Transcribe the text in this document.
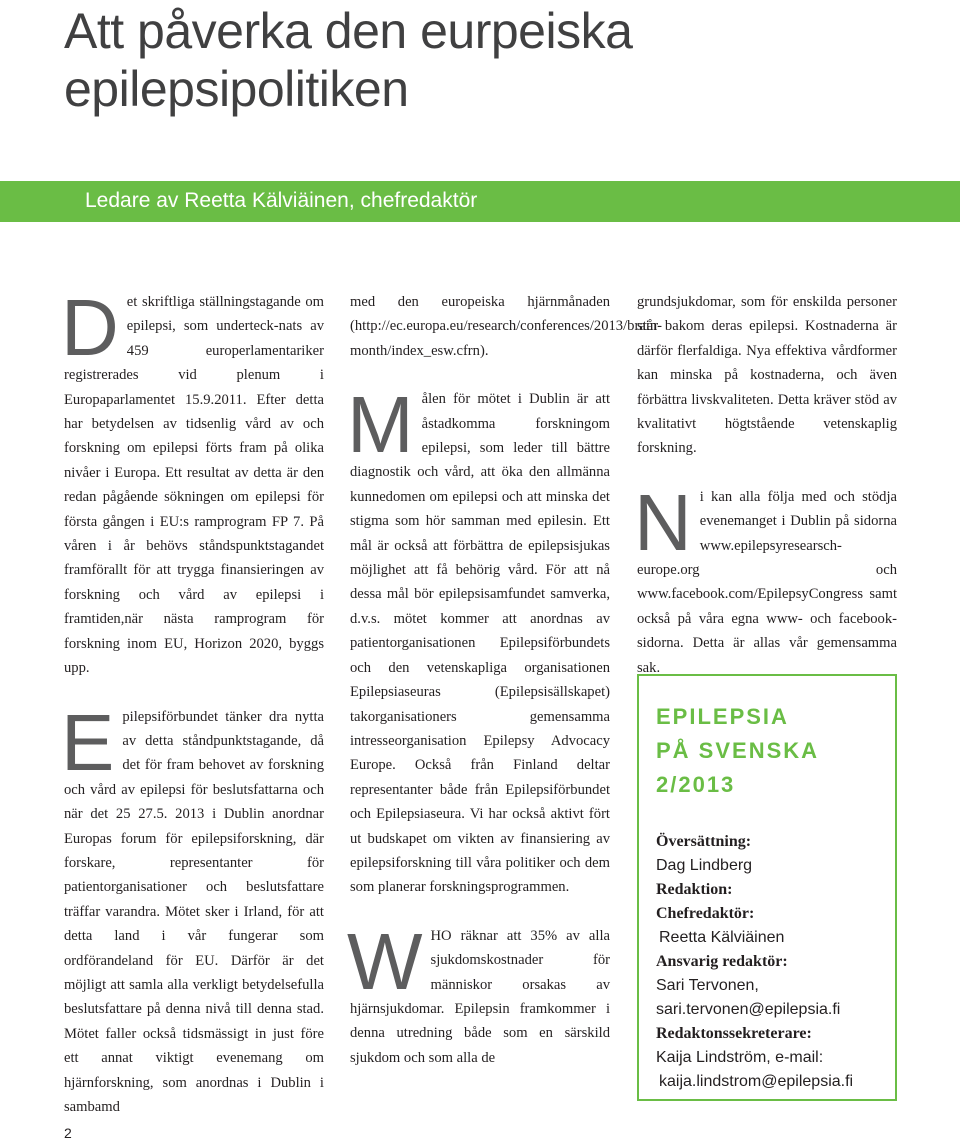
Att påverka den eurpeiska
epilepsipolitiken

Ledare av Reetta Kälviäinen, chefredaktör

Det skriftliga ställningstagande om epilepsi, som underteck-nats av 459 europerlamentariker registrerades vid plenum i Europaparlamentet 15.9.2011. Efter detta har betydelsen av tidsenlig vård av och forskning om epilepsi förts fram på olika nivåer i Europa. Ett resultat av detta är den redan pågående sökningen om epilepsi för första gången i EU:s ramprogram FP 7. På våren i år behövs ståndspunktstagandet framförallt för att trygga finansieringen av forskning och vård av epilepsi i framtiden,när nästa ramprogram för forskning inom EU, Horizon 2020, byggs upp.

Epilepsiförbundet tänker dra nytta av detta ståndpunktstagande, då det för fram behovet av forskning och vård av epilepsi för beslutsfattarna och när det 25 27.5. 2013 i Dublin anordnar Europas forum för epilepsiforskning, där forskare, representanter för patientorganisationer och beslutsfattare träffar varandra. Mötet sker i Irland, för att detta land i vår fungerar som ordförandeland för EU. Därför är det möjligt att samla alla verkligt betydelsefulla beslutsfattare på denna nivå till denna stad. Mötet faller också tidsmässigt in just före ett annat viktigt evenemang om hjärnforskning, som anordnas i Dublin i sambamd

med den europeiska hjärnmånaden (http://ec.europa.eu/research/conferences/2013/brain-month/index_esw.cfrn).

Målen för mötet i Dublin är att åstadkomma forskningom epilepsi, som leder till bättre diagnostik och vård, att öka den allmänna kunnedomen om epilepsi och att minska det stigma som hör samman med epilesin. Ett mål är också att förbättra de epilepsisjukas möjlighet att få behörig vård. För att nå dessa mål bör epilepsisamfundet samverka, d.v.s. mötet kommer att anordnas av patientorganisationen Epilepsiförbundets och den vetenskapliga organisationen Epilepsiaseuras (Epilepsisällskapet) takorganisationers gemensamma intresseorganisation Epilepsy Advocacy Europe. Också från Finland deltar representanter både från Epilepsiförbundet och Epilepsiaseura. Vi har också aktivt fört ut budskapet om vikten av finansiering av epilepsiforskning till våra politiker och dem som planerar forskningsprogrammen.

WHO räknar att 35% av alla sjukdomskostnader för människor orsakas av hjärnsjukdomar. Epilepsin framkommer i denna utredning både som en särskild sjukdom och som alla de

grundsjukdomar, som för enskilda personer står bakom deras epilepsi. Kostnaderna är därför flerfaldiga. Nya effektiva vårdformer kan minska på kostnaderna, och även förbättra livskvaliteten. Detta kräver stöd av kvalitativt högtstående vetenskaplig forskning.

Ni kan alla följa med och stödja evenemanget i Dublin på sidorna www.epilepsyresearsch-europe.org och www.facebook.com/EpilepsyCongress samt också på våra egna www- och facebook-sidorna. Detta är allas vår gemensamma sak.

EPILEPSIA

PÅ SVENSKA

2/2013

Översättning:
Dag Lindberg
Redaktion:
Chefredaktör:
Reetta Kälviäinen
Ansvarig redaktör:
Sari Tervonen,
sari.tervonen@epilepsia.fi
Redaktonssekreterare:
Kaija Lindström, e-mail:
kaija.lindstrom@epilepsia.fi
2
